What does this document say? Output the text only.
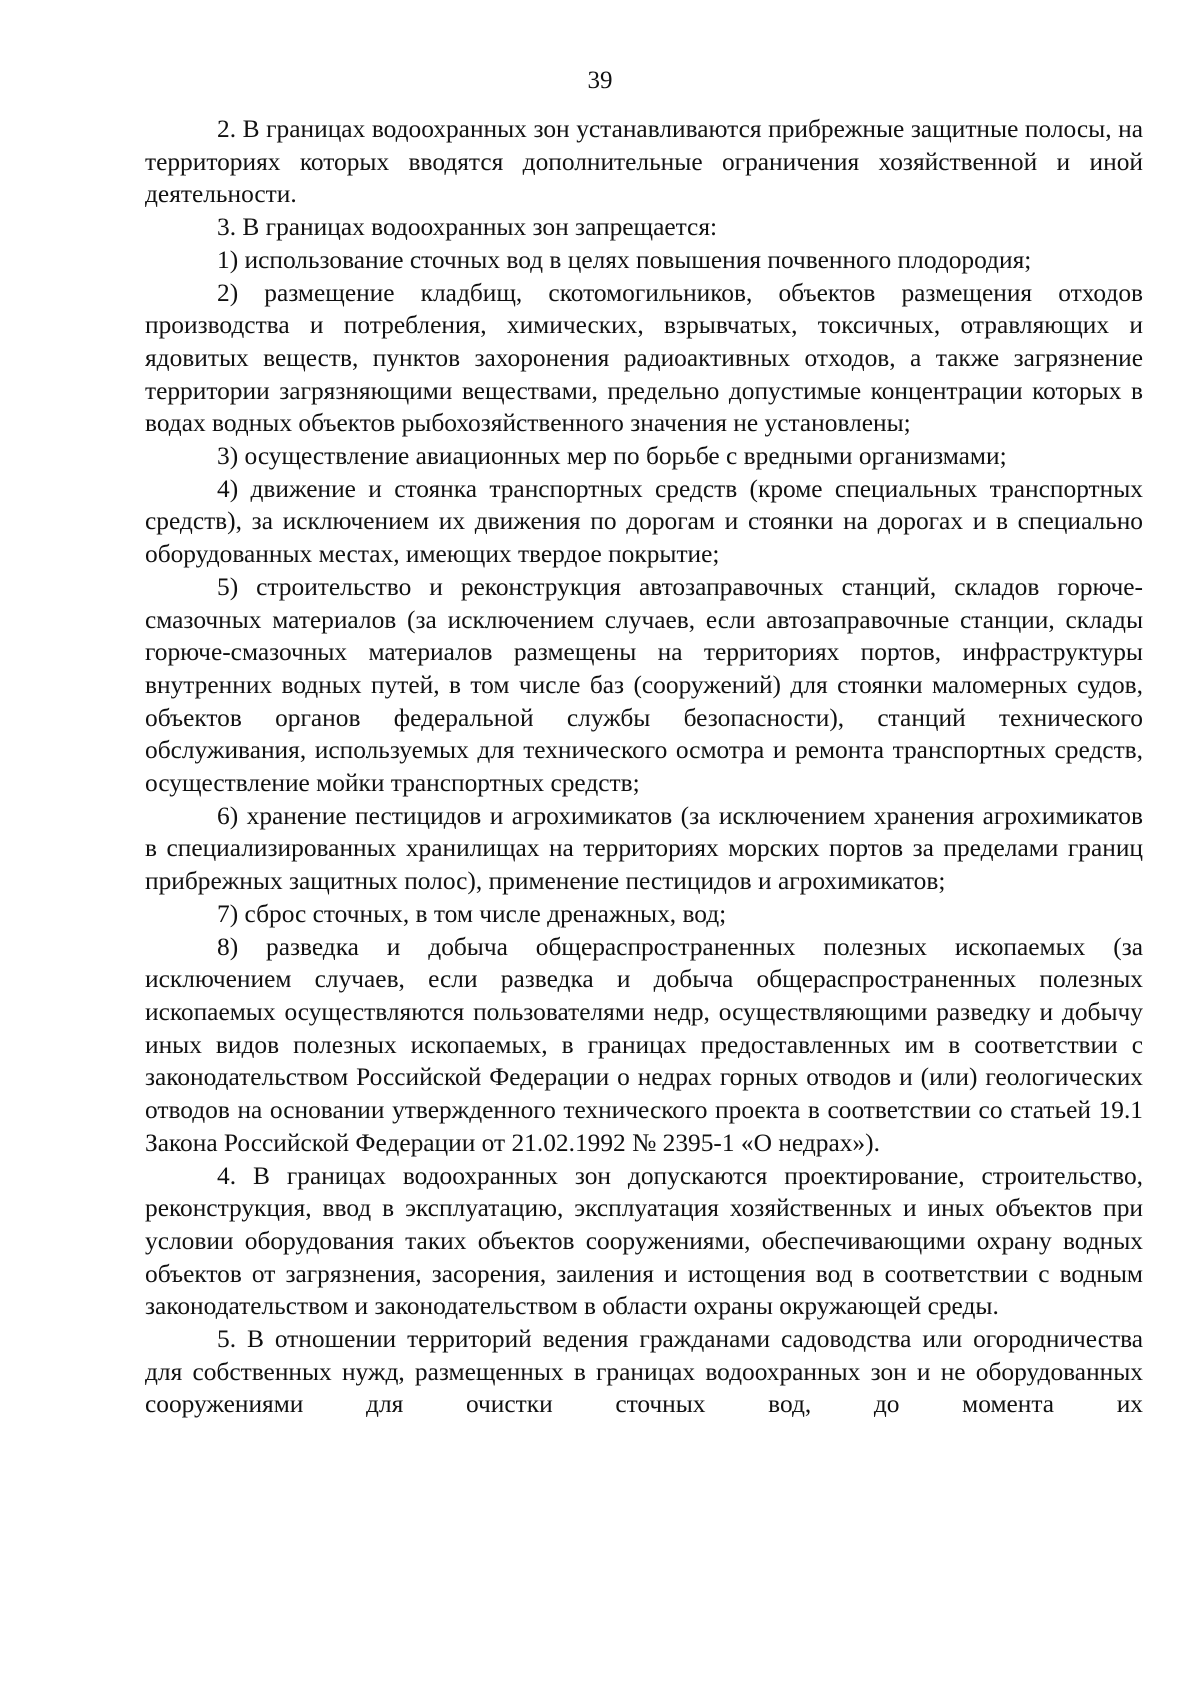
39

2. В границах водоохранных зон устанавливаются прибрежные защитные полосы, на территориях которых вводятся дополнительные ограничения хозяйственной и иной деятельности.

3. В границах водоохранных зон запрещается:

1) использование сточных вод в целях повышения почвенного плодородия;

2) размещение кладбищ, скотомогильников, объектов размещения отходов производства и потребления, химических, взрывчатых, токсичных, отравляющих и ядовитых веществ, пунктов захоронения радиоактивных отходов, а также загрязнение территории загрязняющими веществами, предельно допустимые концентрации которых в водах водных объектов рыбохозяйственного значения не установлены;

3) осуществление авиационных мер по борьбе с вредными организмами;

4) движение и стоянка транспортных средств (кроме специальных транспортных средств), за исключением их движения по дорогам и стоянки на дорогах и в специально оборудованных местах, имеющих твердое покрытие;

5) строительство и реконструкция автозаправочных станций, складов горюче-смазочных материалов (за исключением случаев, если автозаправочные станции, склады горюче-смазочных материалов размещены на территориях портов, инфраструктуры внутренних водных путей, в том числе баз (сооружений) для стоянки маломерных судов, объектов органов федеральной службы безопасности), станций технического обслуживания, используемых для технического осмотра и ремонта транспортных средств, осуществление мойки транспортных средств;

6) хранение пестицидов и агрохимикатов (за исключением хранения агрохимикатов в специализированных хранилищах на территориях морских портов за пределами границ прибрежных защитных полос), применение пестицидов и агрохимикатов;

7) сброс сточных, в том числе дренажных, вод;

8) разведка и добыча общераспространенных полезных ископаемых (за исключением случаев, если разведка и добыча общераспространенных полезных ископаемых осуществляются пользователями недр, осуществляющими разведку и добычу иных видов полезных ископаемых, в границах предоставленных им в соответствии с законодательством Российской Федерации о недрах горных отводов и (или) геологических отводов на основании утвержденного технического проекта в соответствии со статьей 19.1 Закона Российской Федерации от 21.02.1992 № 2395-1 «О недрах»).

4. В границах водоохранных зон допускаются проектирование, строительство, реконструкция, ввод в эксплуатацию, эксплуатация хозяйственных и иных объектов при условии оборудования таких объектов сооружениями, обеспечивающими охрану водных объектов от загрязнения, засорения, заиления и истощения вод в соответствии с водным законодательством и законодательством в области охраны окружающей среды.

5. В отношении территорий ведения гражданами садоводства или огородничества для собственных нужд, размещенных в границах водоохранных зон и не оборудованных сооружениями для очистки сточных вод, до момента их
